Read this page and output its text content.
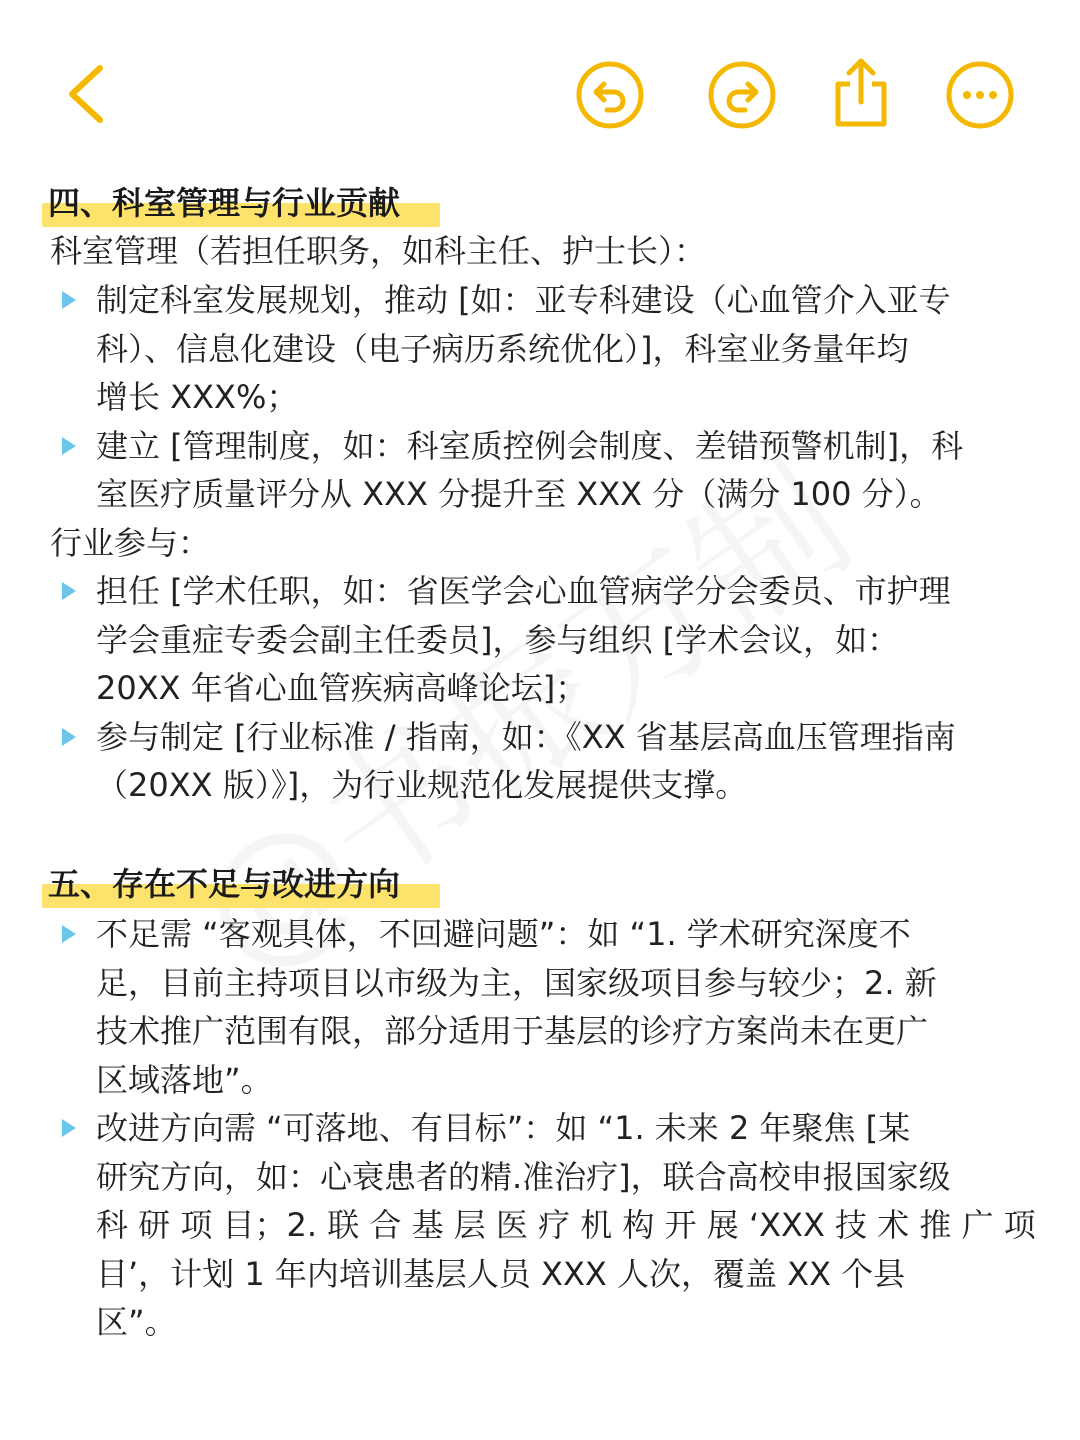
四、科室管理与行业贡献
科室管理（若担任职务，如科主任、护士长）：
制定科室发展规划，推动 [如：亚专科建设（心血管介入亚专
科）、信息化建设（电子病历系统优化）]，科室业务量年均
增长 XXX%；
建立 [管理制度，如：科室质控例会制度、差错预警机制]，科
室医疗质量评分从 XXX 分提升至 XXX 分（满分 100 分）。
行业参与：
担任 [学术任职，如：省医学会心血管病学分会委员、市护理
学会重症专委会副主任委员]，参与组织 [学术会议，如：
20XX 年省心血管疾病高峰论坛]；
参与制定 [行业标准 / 指南，如：《XX 省基层高血压管理指南
（20XX 版）》]，为行业规范化发展提供支撑。
五、存在不足与改进方向
不足需 “客观具体，不回避问题”：如 “1. 学术研究深度不
足，目前主持项目以市级为主，国家级项目参与较少；2. 新
技术推广范围有限，部分适用于基层的诊疗方案尚未在更广
区域落地”。
改进方向需 “可落地、有目标”：如 “1. 未来 2 年聚焦 [某
研究方向，如：心衰患者的精.准治疗]，联合高校申报国家级
科 研 项 目；2. 联 合 基 层 医 疗 机 构 开 展 ‘XXX 技 术 推 广 项
目’，计划 1 年内培训基层人员 XXX 人次，覆盖 XX 个县
区”。
